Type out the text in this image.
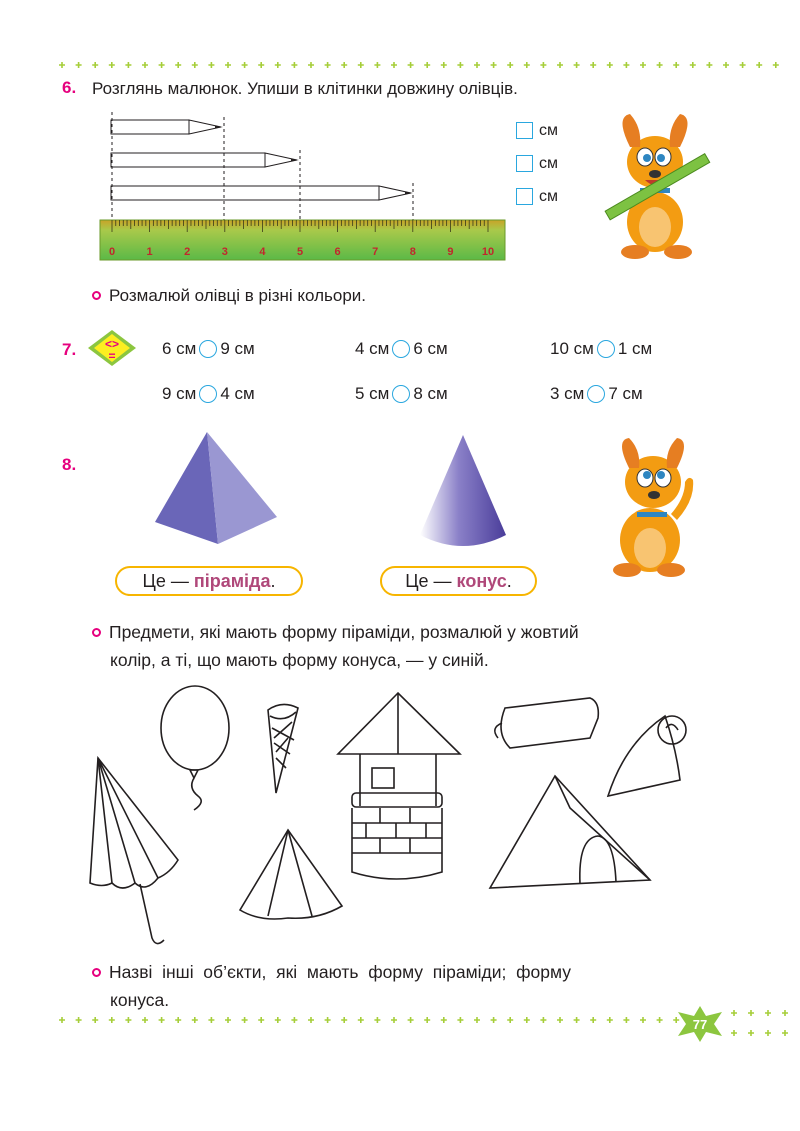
6. Розглянь малюнок. Упиши в клітинки довжину олівців.
0	1	2	3	4	5	6	7	8	9	10
см
см
см
Розмалюй олівці в різні кольори.
7. <>
=	6 см 9 см	4 см 6 см	10 см 1 см
9 см 4 см	5 см 8 см	3 см 7 см
8.
Це — піраміда .	Це — конус .
Предмети, які мають форму піраміди, розмалюй у жовтий
колір, а ті, що мають форму конуса, — у синій.
Назві  інші  об’єкти,  які  мають  форму  піраміди;  форму
конуса.
77
